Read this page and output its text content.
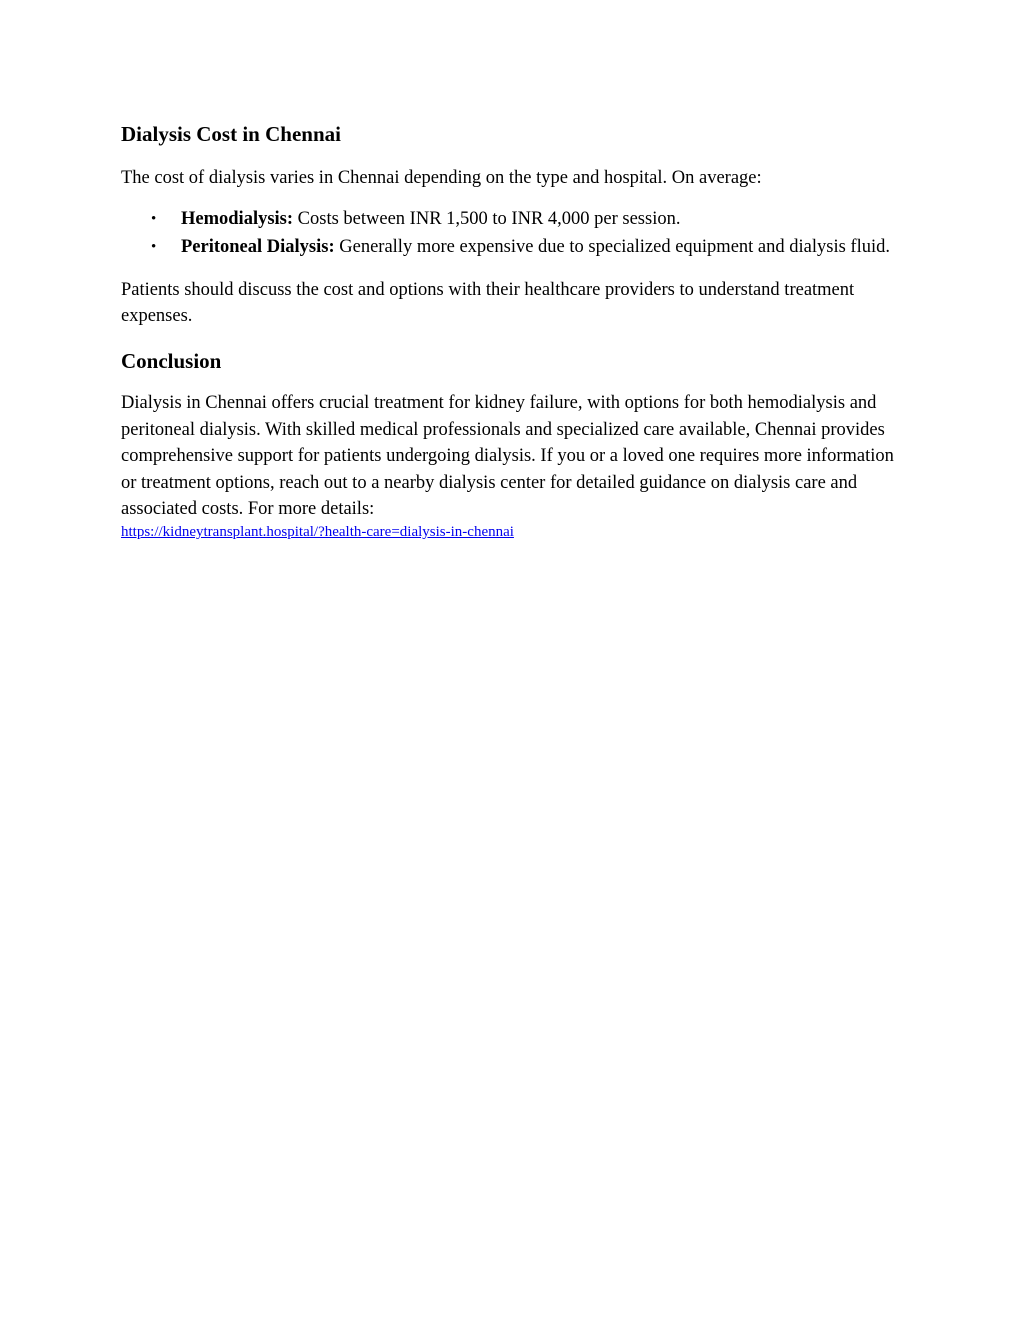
Dialysis Cost in Chennai

The cost of dialysis varies in Chennai depending on the type and hospital. On average:

• Hemodialysis: Costs between INR 1,500 to INR 4,000 per session.
• Peritoneal Dialysis: Generally more expensive due to specialized equipment and dialysis fluid.

Patients should discuss the cost and options with their healthcare providers to understand treatment expenses.

Conclusion

Dialysis in Chennai offers crucial treatment for kidney failure, with options for both hemodialysis and peritoneal dialysis. With skilled medical professionals and specialized care available, Chennai provides comprehensive support for patients undergoing dialysis. If you or a loved one requires more information or treatment options, reach out to a nearby dialysis center for detailed guidance on dialysis care and associated costs. For more details:

https://kidneytransplant.hospital/?health-care=dialysis-in-chennai
